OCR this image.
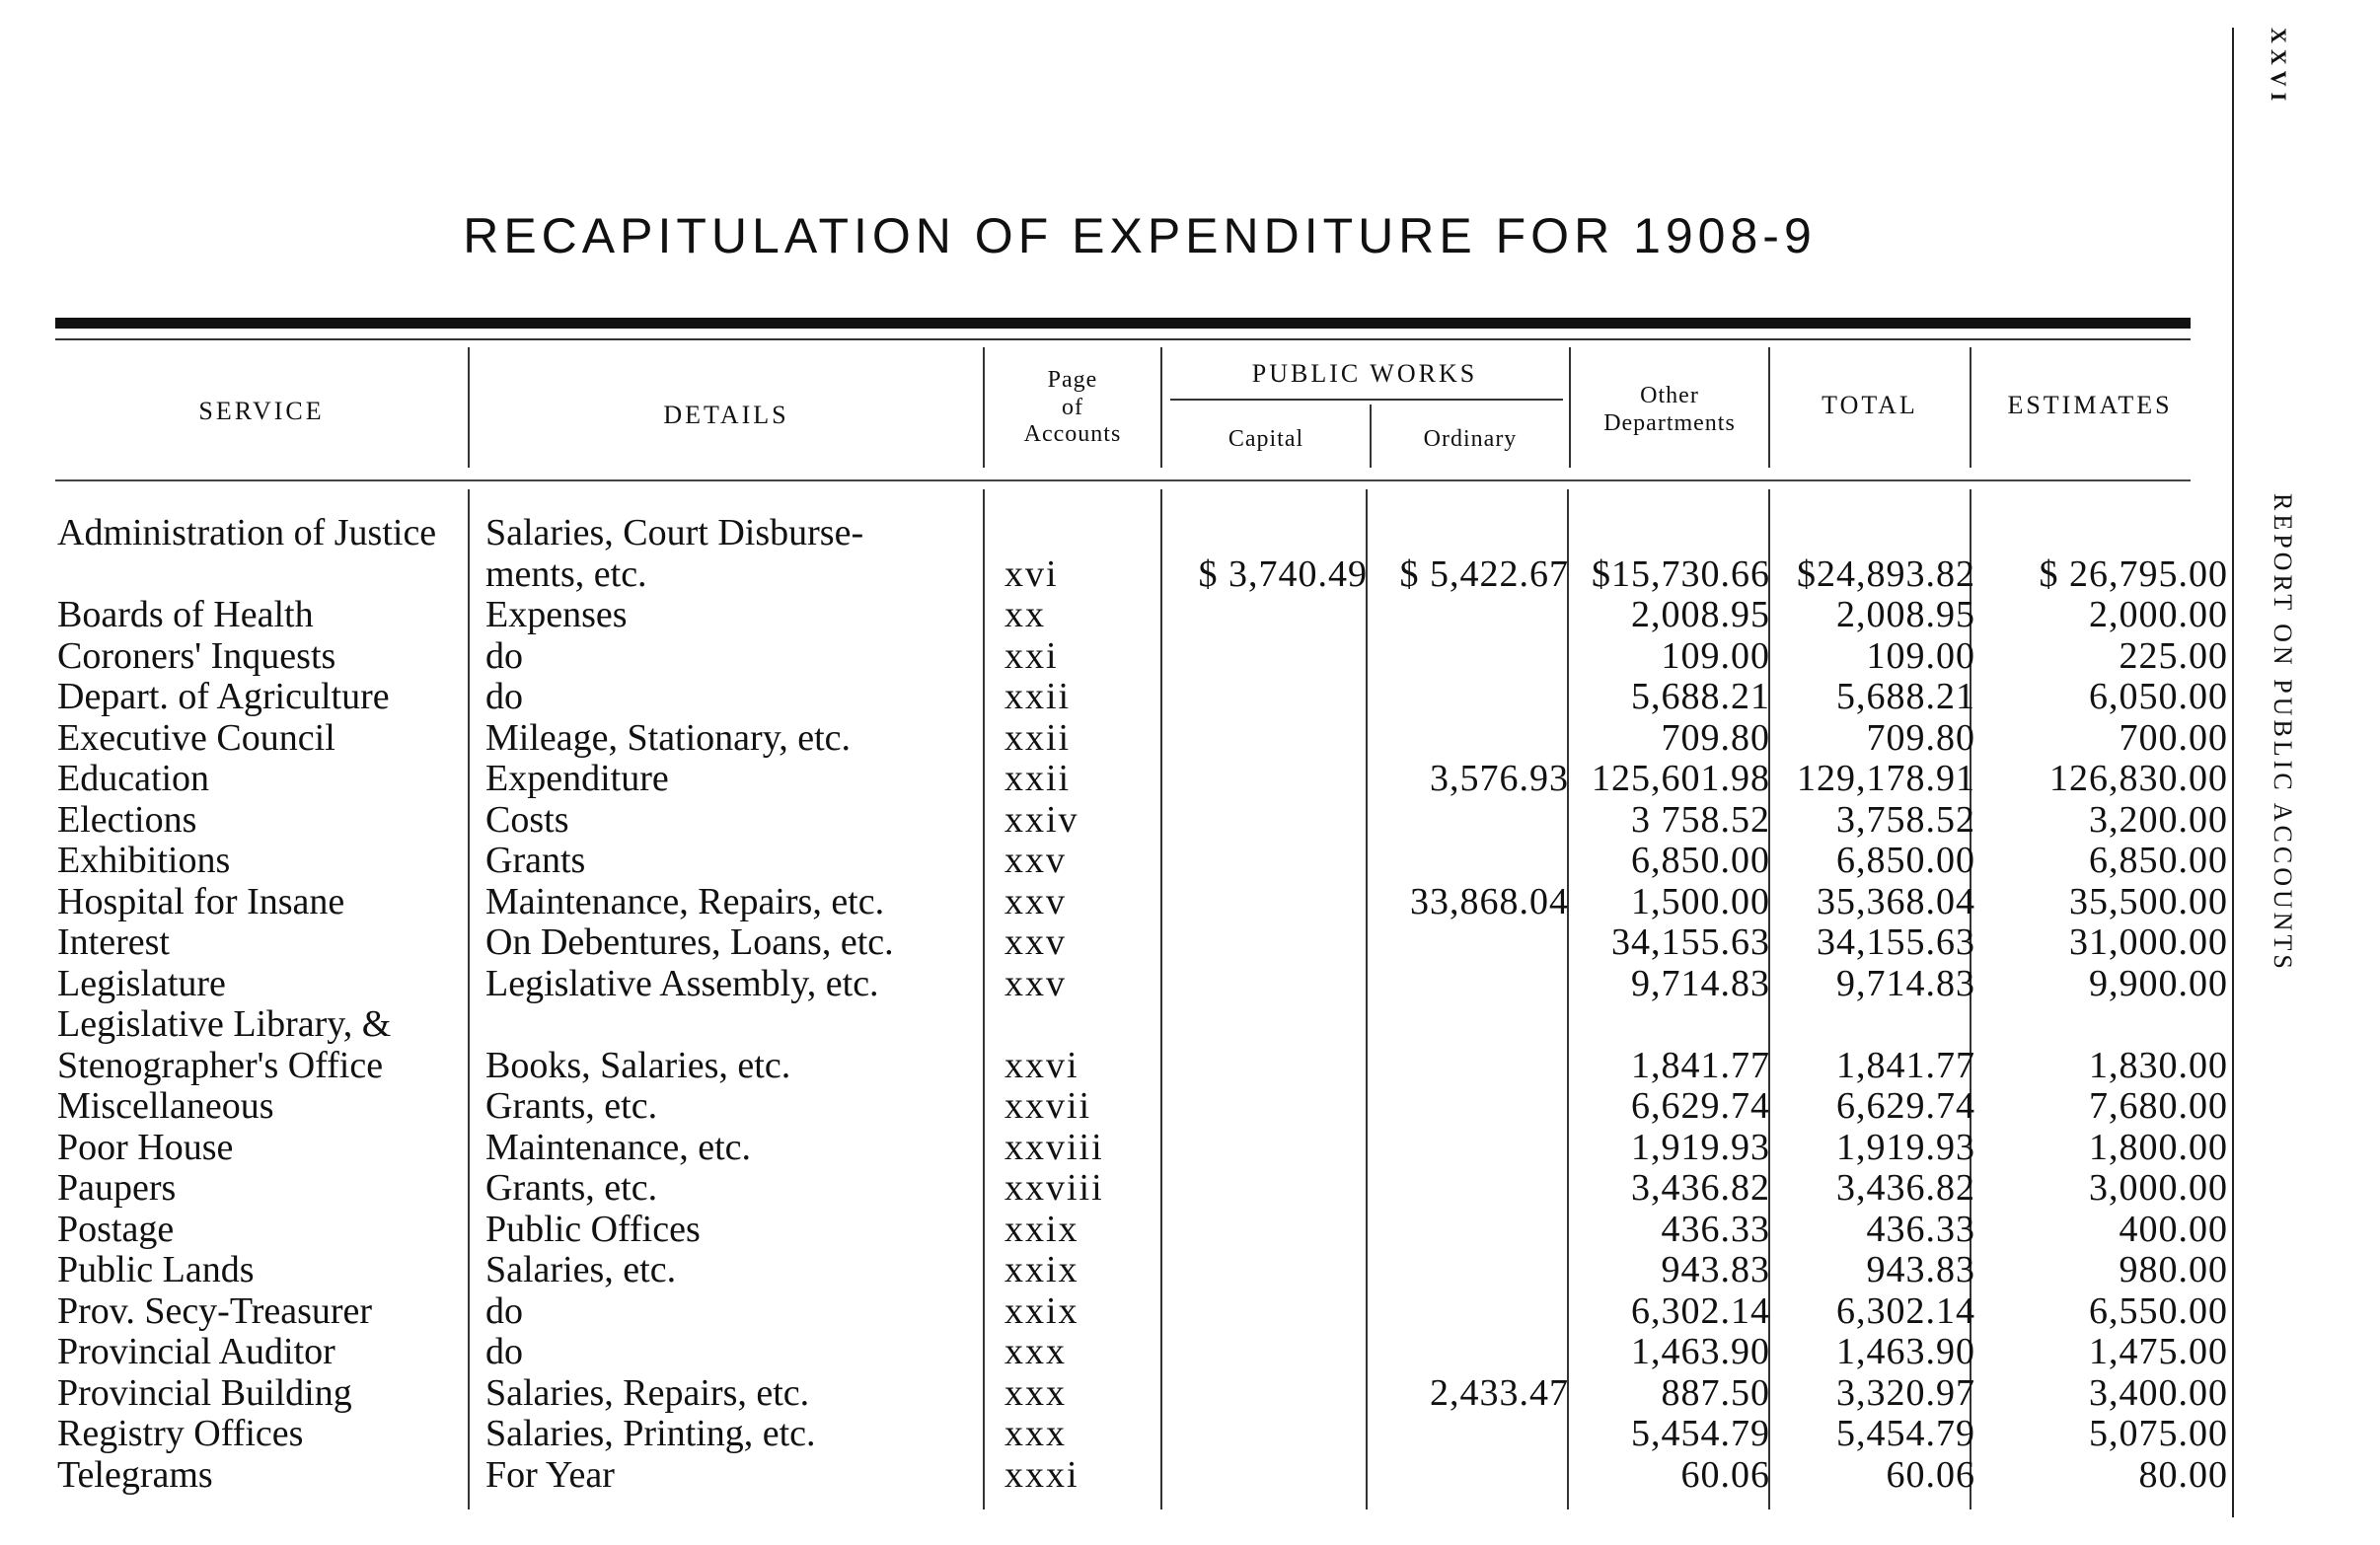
XXVI
REPORT ON PUBLIC ACCOUNTS
RECAPITULATION OF EXPENDITURE FOR 1908-9
SERVICE	DETAILS
Page
of
Accounts
PUBLIC WORKS
Capital	Ordinary
Other
Departments
TOTAL	ESTIMATES
Administration of Justice	Salaries, Court Disburse-						
	ments, etc.	xvi	$ 3,740.49	$ 5,422.67	$15,730.66	$24,893.82	$ 26,795.00
Boards of Health	Expenses	xx			2,008.95	2,008.95	2,000.00
Coroners' Inquests	do	xxi			109.00	109.00	225.00
Depart. of Agriculture	do	xxii			5,688.21	5,688.21	6,050.00
Executive Council	Mileage, Stationary, etc.	xxii			709.80	709.80	700.00
Education	Expenditure	xxii		3,576.93	125,601.98	129,178.91	126,830.00
Elections	Costs	xxiv			3 758.52	3,758.52	3,200.00
Exhibitions	Grants	xxv			6,850.00	6,850.00	6,850.00
Hospital for Insane	Maintenance, Repairs, etc.	xxv		33,868.04	1,500.00	35,368.04	35,500.00
Interest	On Debentures, Loans, etc.	xxv			34,155.63	34,155.63	31,000.00
Legislature	Legislative Assembly, etc.	xxv			9,714.83	9,714.83	9,900.00
Legislative Library, &							
Stenographer's Office	Books, Salaries, etc.	xxvi			1,841.77	1,841.77	1,830.00
Miscellaneous	Grants, etc.	xxvii			6,629.74	6,629.74	7,680.00
Poor House	Maintenance, etc.	xxviii			1,919.93	1,919.93	1,800.00
Paupers	Grants, etc.	xxviii			3,436.82	3,436.82	3,000.00
Postage	Public Offices	xxix			436.33	436.33	400.00
Public Lands	Salaries, etc.	xxix			943.83	943.83	980.00
Prov. Secy-Treasurer	do	xxix			6,302.14	6,302.14	6,550.00
Provincial Auditor	do	xxx			1,463.90	1,463.90	1,475.00
Provincial Building	Salaries, Repairs, etc.	xxx		2,433.47	887.50	3,320.97	3,400.00
Registry Offices	Salaries, Printing, etc.	xxx			5,454.79	5,454.79	5,075.00
Telegrams	For Year	xxxi			60.06	60.06	80.00
